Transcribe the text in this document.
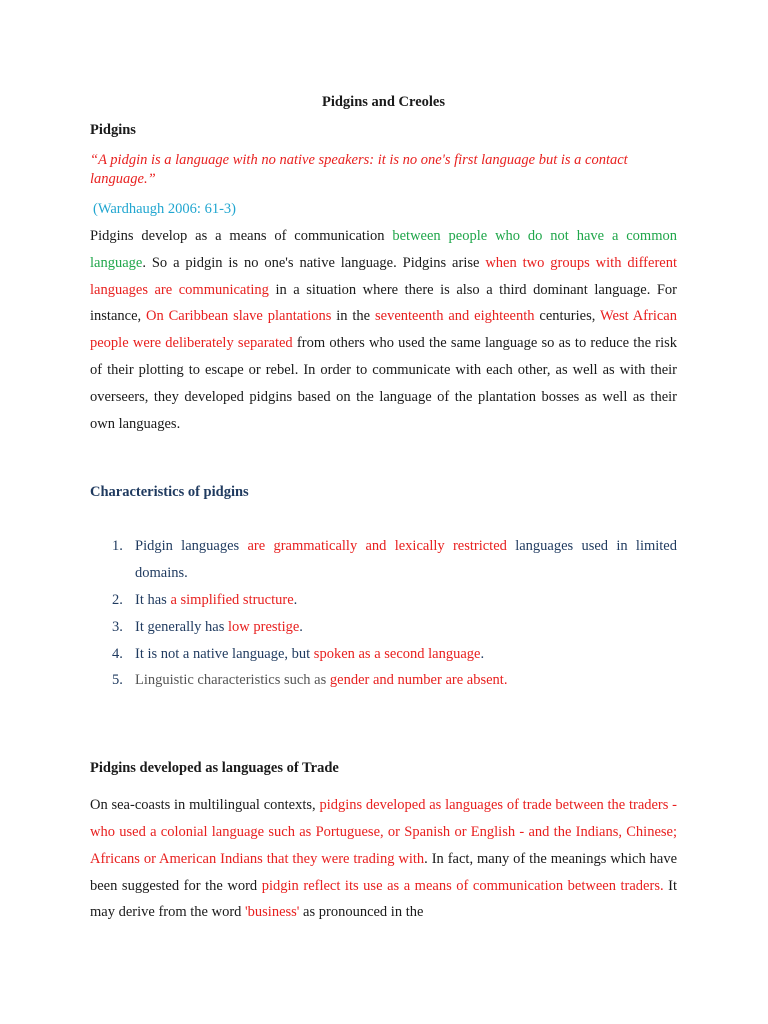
Pidgins and Creoles

Pidgins

“A pidgin is a language with no native speakers: it is no one's first language but is a contact language.”

(Wardhaugh 2006: 61-3)

Pidgins develop as a means of communication between people who do not have a common language. So a pidgin is no one's native language. Pidgins arise when two groups with different languages are communicating in a situation where there is also a third dominant language. For instance, On Caribbean slave plantations in the seventeenth and eighteenth centuries, West African people were deliberately separated from others who used the same language so as to reduce the risk of their plotting to escape or rebel. In order to communicate with each other, as well as with their overseers, they developed pidgins based on the language of the plantation bosses as well as their own languages.

Characteristics of pidgins

1. Pidgin languages are grammatically and lexically restricted languages used in limited domains.
2. It has a simplified structure.
3. It generally has low prestige.
4. It is not a native language, but spoken as a second language.
5. Linguistic characteristics such as gender and number are absent.

Pidgins developed as languages of Trade

On sea-coasts in multilingual contexts, pidgins developed as languages of trade between the traders - who used a colonial language such as Portuguese, or Spanish or English - and the Indians, Chinese; Africans or American Indians that they were trading with. In fact, many of the meanings which have been suggested for the word pidgin reflect its use as a means of communication between traders. It may derive from the word 'business' as pronounced in the
